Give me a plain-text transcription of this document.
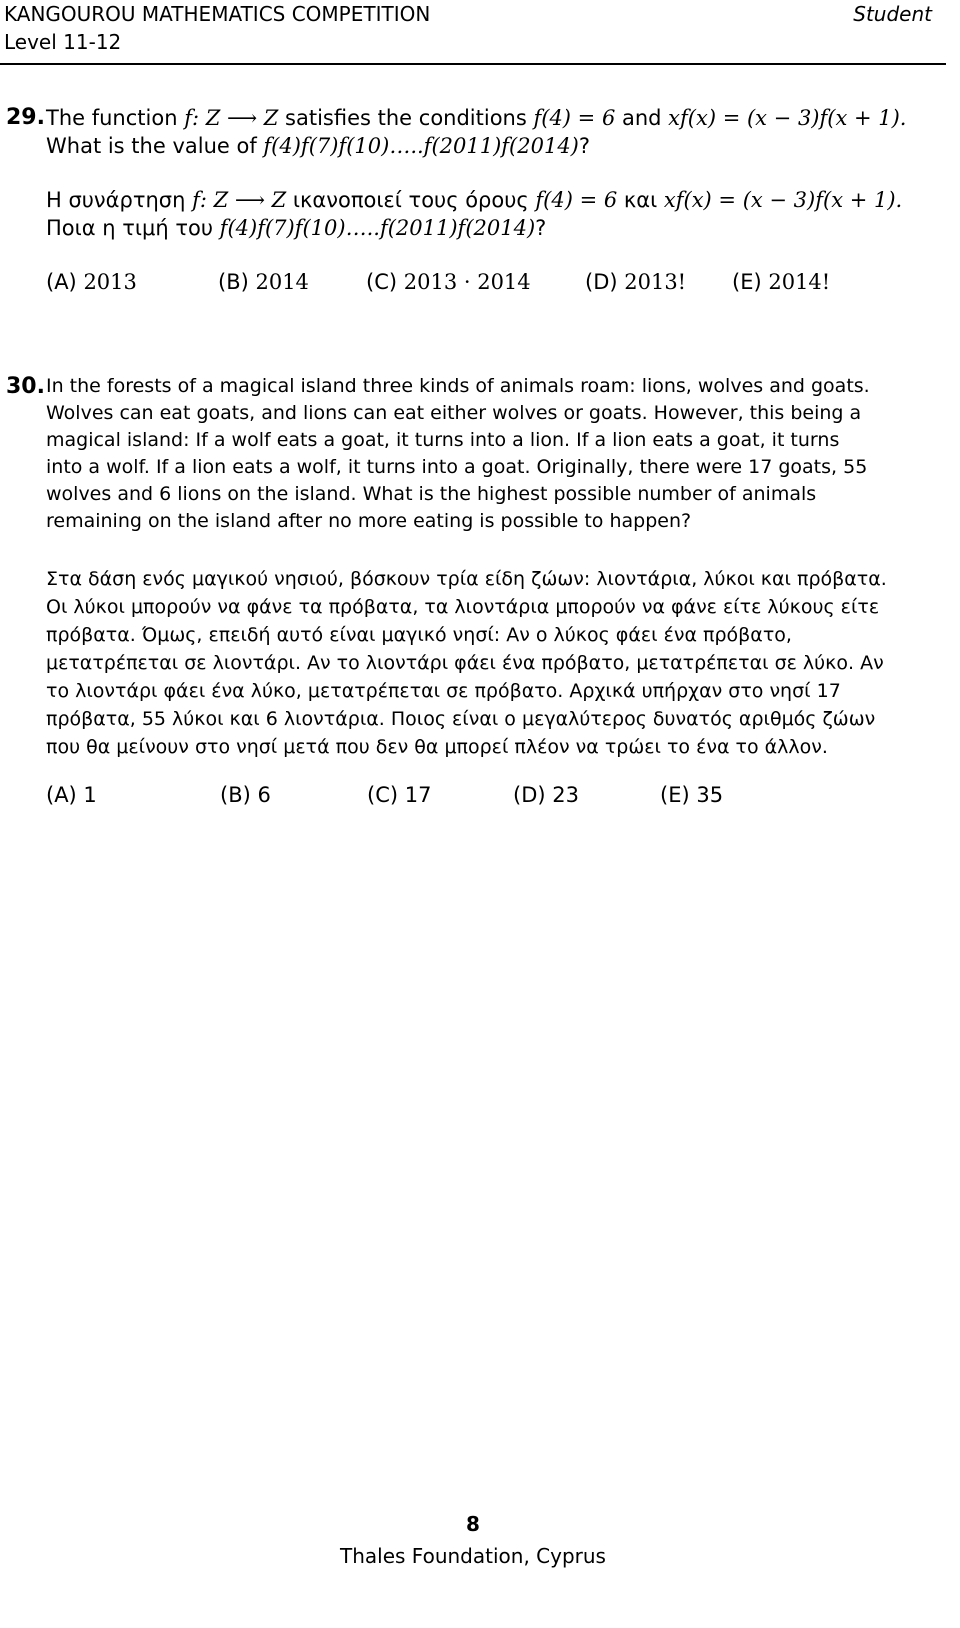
KANGOUROU MATHEMATICS COMPETITION
Level 11-12
Student
29. The function f: Z ⟶ Z satisfies the conditions f(4) = 6 and xf(x) = (x − 3)f(x + 1).
What is the value of f(4)f(7)f(10)…..f(2011)f(2014)?
Η συνάρτηση f: Z ⟶ Z ικανοποιεί τους όρους f(4) = 6 και xf(x) = (x − 3)f(x + 1).
Ποια η τιμή του f(4)f(7)f(10)…..f(2011)f(2014)?
(A) 2013	(B) 2014	(C) 2013 · 2014	(D) 2013! (E) 2014!
30. In the forests of a magical island three kinds of animals roam: lions, wolves and goats.
Wolves can eat goats, and lions can eat either wolves or goats. However, this being a
magical island: If a wolf eats a goat, it turns into a lion. If a lion eats a goat, it turns
into a wolf. If a lion eats a wolf, it turns into a goat. Originally, there were 17 goats, 55
wolves and 6 lions on the island. What is the highest possible number of animals
remaining on the island after no more eating is possible to happen?
Στα δάση ενός μαγικού νησιού, βόσκουν τρία είδη ζώων: λιοντάρια, λύκοι και πρόβατα.
Οι λύκοι μπορούν να φάνε τα πρόβατα, τα λιοντάρια μπορούν να φάνε είτε λύκους είτε
πρόβατα. Όμως, επειδή αυτό είναι μαγικό νησί: Αν ο λύκος φάει ένα πρόβατο,
μετατρέπεται σε λιοντάρι. Αν το λιοντάρι φάει ένα πρόβατο, μετατρέπεται σε λύκο. Αν
το λιοντάρι φάει ένα λύκο, μετατρέπεται σε πρόβατο. Αρχικά υπήρχαν στο νησί 17
πρόβατα, 55 λύκοι και 6 λιοντάρια. Ποιος είναι ο μεγαλύτερος δυνατός αριθμός ζώων
που θα μείνουν στο νησί μετά που δεν θα μπορεί πλέον να τρώει το ένα το άλλον.
(A) 1	(B) 6	(C) 17	(D) 23	(E) 35
8
Thales Foundation, Cyprus
